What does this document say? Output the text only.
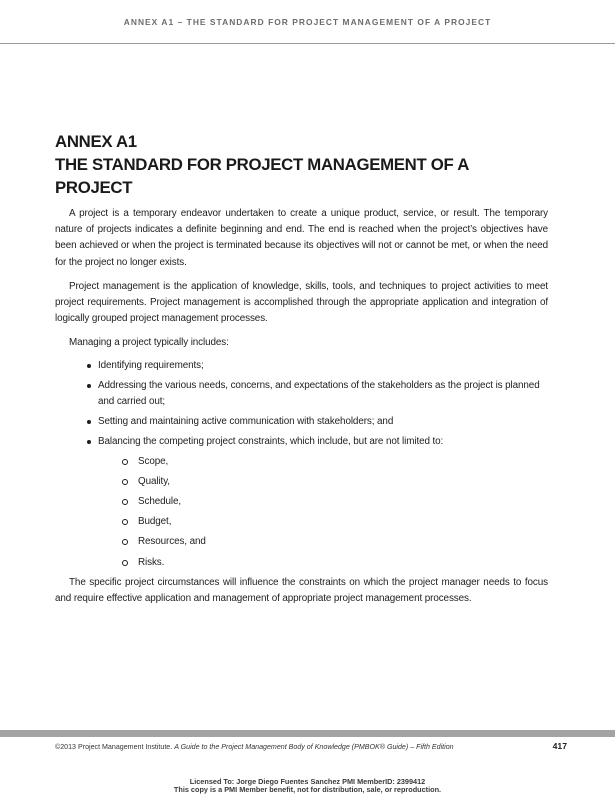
ANNEX A1 – THE STANDARD FOR PROJECT MANAGEMENT OF A PROJECT
ANNEX A1
THE STANDARD FOR PROJECT MANAGEMENT OF A PROJECT

A project is a temporary endeavor undertaken to create a unique product, service, or result. The temporary nature of projects indicates a definite beginning and end. The end is reached when the project’s objectives have been achieved or when the project is terminated because its objectives will not or cannot be met, or when the need for the project no longer exists.

Project management is the application of knowledge, skills, tools, and techniques to project activities to meet project requirements. Project management is accomplished through the appropriate application and integration of logically grouped project management processes.

Managing a project typically includes:

Identifying requirements;
Addressing the various needs, concerns, and expectations of the stakeholders as the project is planned and carried out;
Setting and maintaining active communication with stakeholders; and
Balancing the competing project constraints, which include, but are not limited to:
Scope,
Quality,
Schedule,
Budget,
Resources, and
Risks.

The specific project circumstances will influence the constraints on which the project manager needs to focus and require effective application and management of appropriate project management processes.

©2013 Project Management Institute. A Guide to the Project Management Body of Knowledge (PMBOK® Guide) – Fifth Edition	417
Licensed To: Jorge Diego Fuentes Sanchez PMI MemberID: 2399412
This copy is a PMI Member benefit, not for distribution, sale, or reproduction.
